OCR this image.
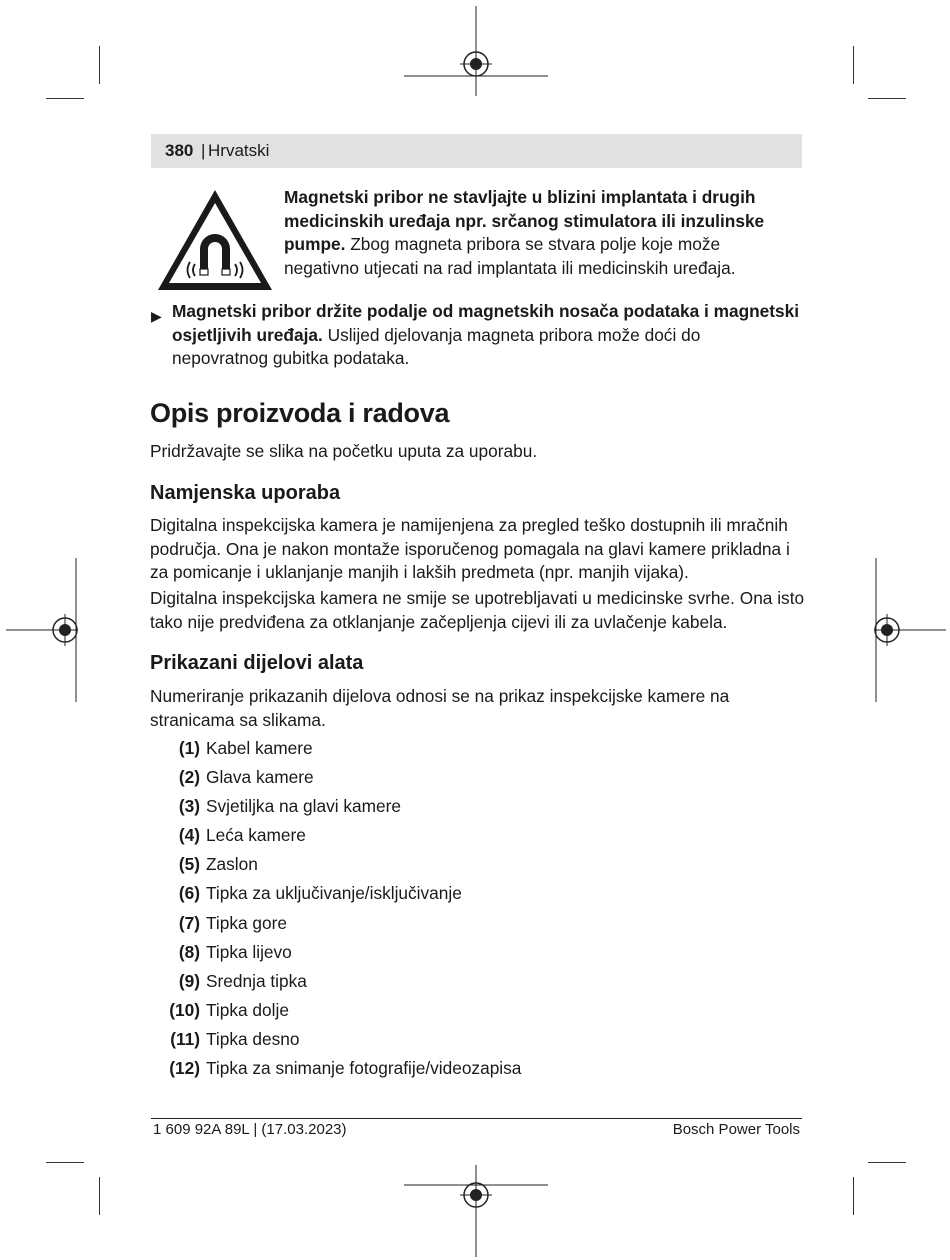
380 | Hrvatski
Magnetski pribor ne stavljajte u blizini implantata i drugih medicinskih uređaja npr. srčanog stimulatora ili inzulinske pumpe. Zbog magneta pribora se stvara polje koje može negativno utjecati na rad implantata ili medicinskih uređaja.
▶ Magnetski pribor držite podalje od magnetskih nosača podataka i magnetski osjetljivih uređaja. Uslijed djelovanja magneta pribora može doći do nepovratnog gubitka podataka.
Opis proizvoda i radova
Pridržavajte se slika na početku uputa za uporabu.
Namjenska uporaba
Digitalna inspekcijska kamera je namijenjena za pregled teško dostupnih ili mračnih područja. Ona je nakon montaže isporučenog pomagala na glavi kamere prikladna i za pomicanje i uklanjanje manjih i lakših predmeta (npr. manjih vijaka).
Digitalna inspekcijska kamera ne smije se upotrebljavati u medicinske svrhe. Ona isto tako nije predviđena za otklanjanje začepljenja cijevi ili za uvlačenje kabela.
Prikazani dijelovi alata
Numeriranje prikazanih dijelova odnosi se na prikaz inspekcijske kamere na stranicama sa slikama.
(1) Kabel kamere
(2) Glava kamere
(3) Svjetiljka na glavi kamere
(4) Leća kamere
(5) Zaslon
(6) Tipka za uključivanje/isključivanje
(7) Tipka gore
(8) Tipka lijevo
(9) Srednja tipka
(10) Tipka dolje
(11) Tipka desno
(12) Tipka za snimanje fotografije/videozapisa
1 609 92A 89L | (17.03.2023)	Bosch Power Tools
